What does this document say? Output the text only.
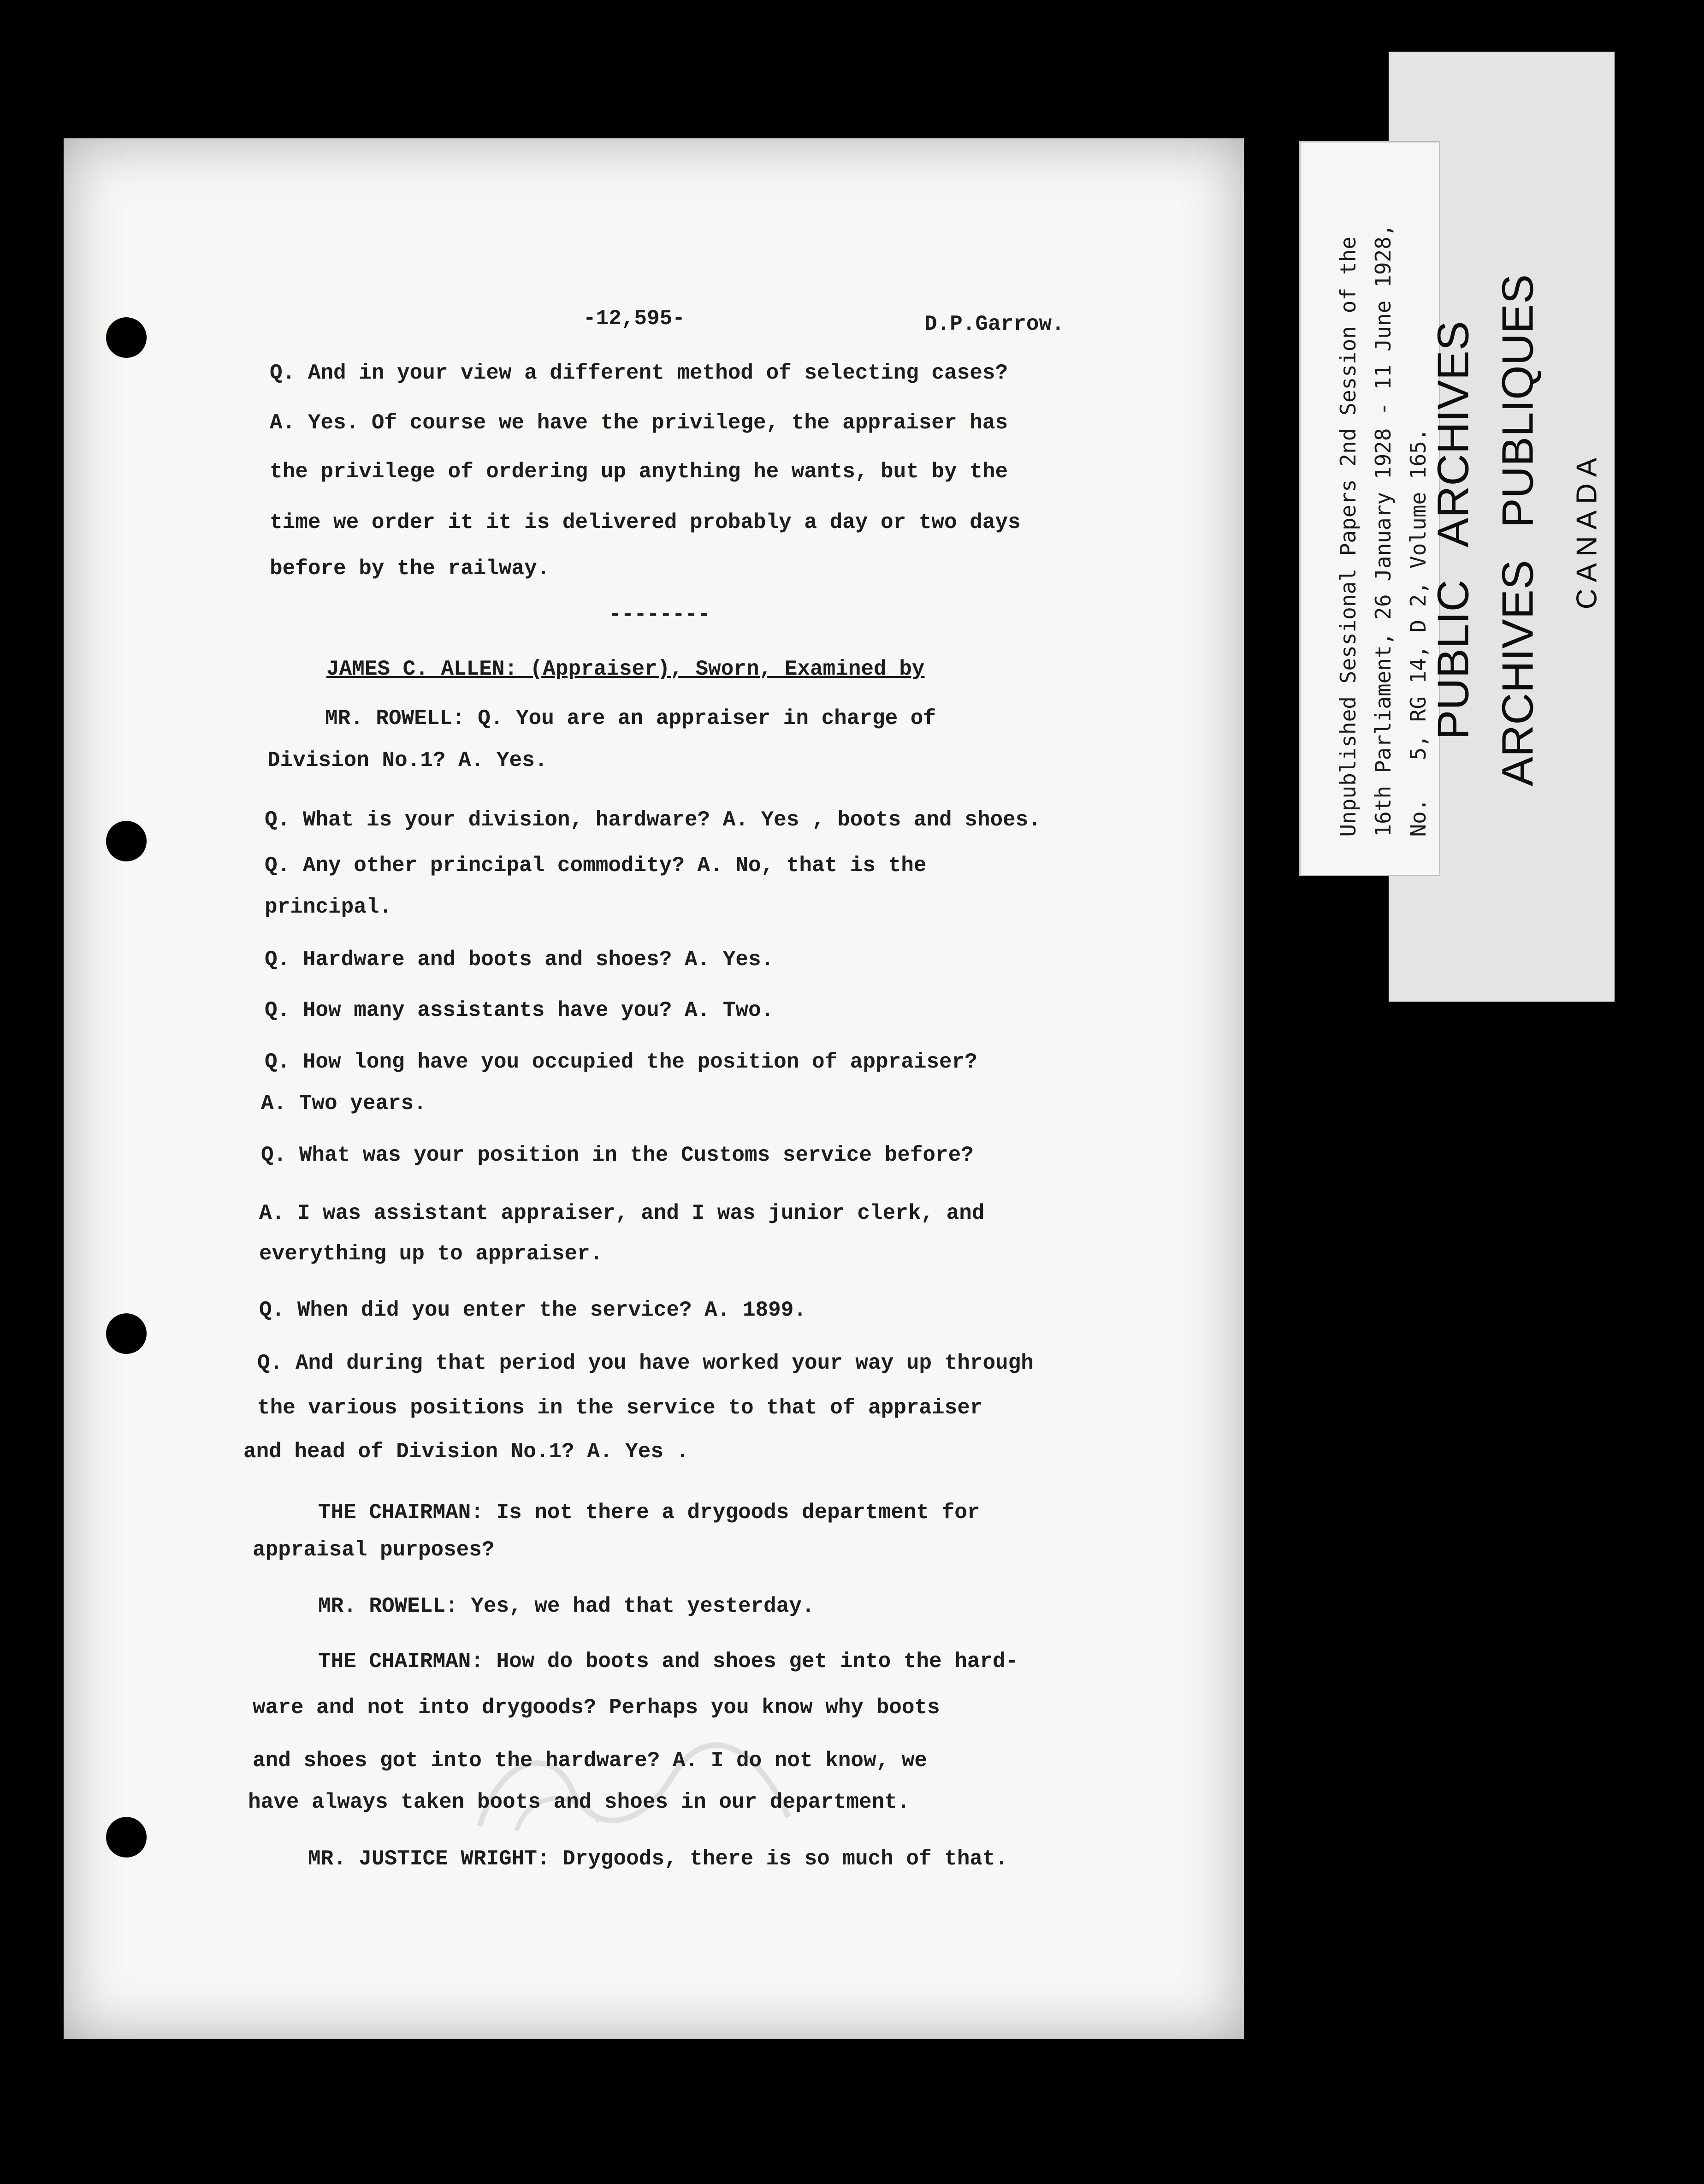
-12,595-	D.P.Garrow.

Q. And in your view a different method of selecting cases?

A. Yes. Of course we have the privilege, the appraiser has

the privilege of ordering up anything he wants, but by the

time we order it it is delivered probably a day or two days

before by the railway.

--------

JAMES C. ALLEN: (Appraiser), Sworn, Examined by

MR. ROWELL: Q. You are an appraiser in charge of

Division No.1? A. Yes.

Q. What is your division, hardware? A. Yes , boots and shoes.

Q. Any other principal commodity? A. No, that is the

principal.

Q. Hardware and boots and shoes? A. Yes.

Q. How many assistants have you? A. Two.

Q. How long have you occupied the position of appraiser?

A. Two years.

Q. What was your position in the Customs service before?

A. I was assistant appraiser, and I was junior clerk, and

everything up to appraiser.

Q. When did you enter the service? A. 1899.

Q. And during that period you have worked your way up through

the various positions in the service to that of appraiser

and head of Division No.1? A. Yes .

THE CHAIRMAN: Is not there a drygoods department for

appraisal purposes?

MR. ROWELL: Yes, we had that yesterday.

THE CHAIRMAN: How do boots and shoes get into the hard-

ware and not into drygoods? Perhaps you know why boots

and shoes got into the hardware? A. I do not know, we

have always taken boots and shoes in our department.

MR. JUSTICE WRIGHT: Drygoods, there is so much of that.

Unpublished Sessional Papers 2nd Session of the 16th Parliament, 26 January 1928 - 11 June 1928, No.   5, RG 14, D 2, Volume 165.

PUBLIC
ARCHIVES

ARCHIVES
PUBLIQUES

CANADA
